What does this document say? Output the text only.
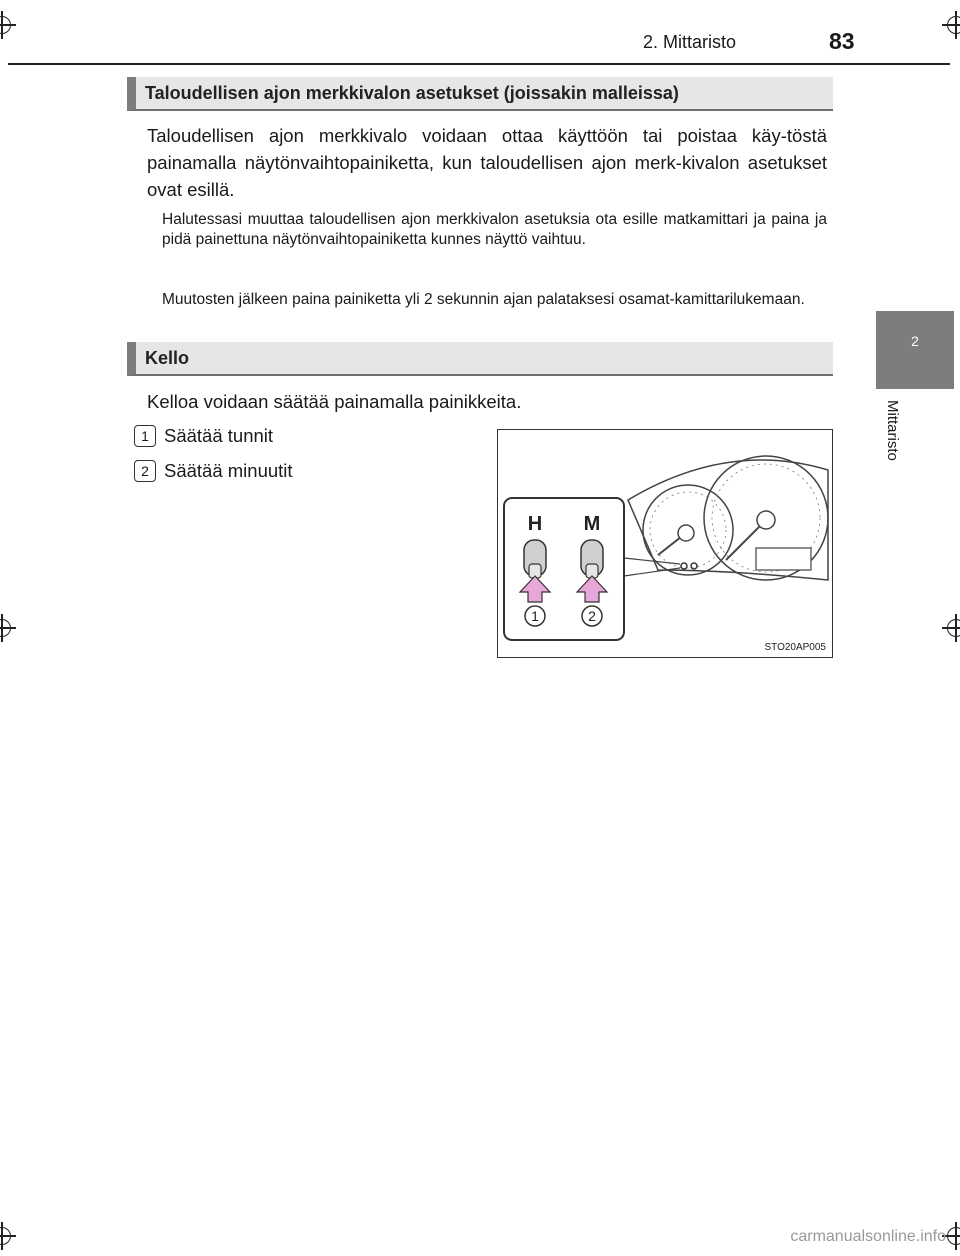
2. Mittaristo	83
2
Mittaristo
Taloudellisen ajon merkkivalon asetukset (joissakin malleissa)
Taloudellisen ajon merkkivalo voidaan ottaa käyttöön tai poistaa käy-töstä painamalla näytönvaihtopainiketta, kun taloudellisen ajon merk-kivalon asetukset ovat esillä.
Halutessasi muuttaa taloudellisen ajon merkkivalon asetuksia ota esille matkamittari ja paina ja pidä painettuna näytönvaihtopainiketta kunnes näyttö vaihtuu.
Muutosten jälkeen paina painiketta yli 2 sekunnin ajan palataksesi osamat-kamittarilukemaan.
Kello
Kelloa voidaan säätää painamalla painikkeita.
1 Säätää tunnit
2 Säätää minuutit
H M
1	2
STO20AP005
carmanualsonline.info
